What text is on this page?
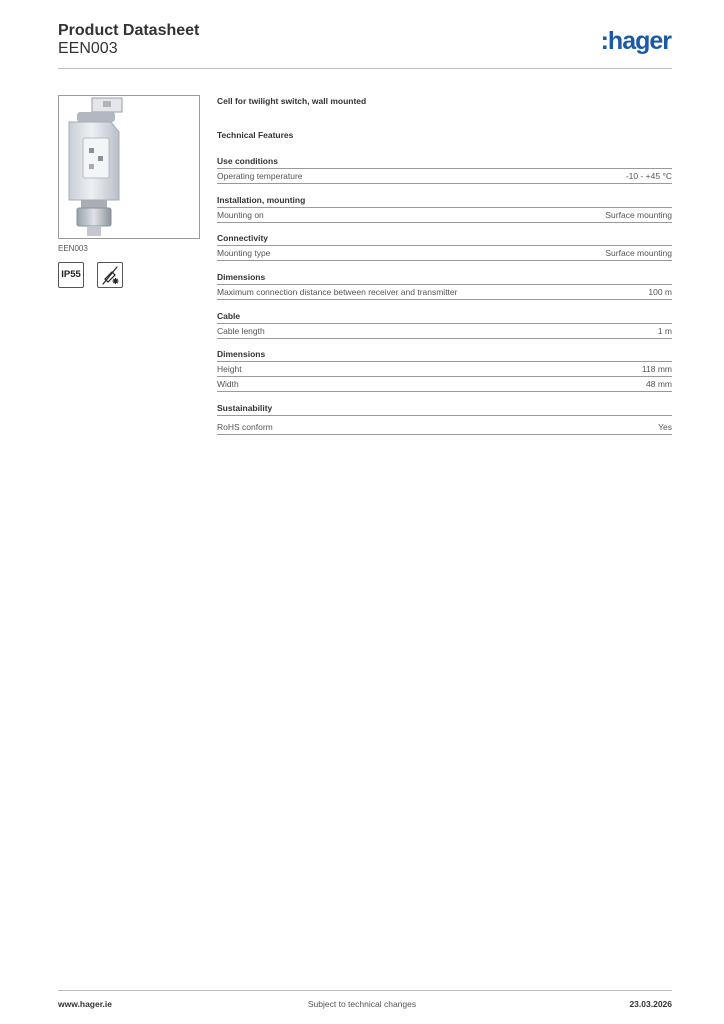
Product Datasheet
EEN003	:hager
EEN003
IP55
Cell for twilight switch, wall mounted
Technical Features
Use conditions
Operating temperature	-10 - +45 °C
Installation, mounting
Mounting on	Surface mounting
Connectivity
Mounting type	Surface mounting
Dimensions
Maximum connection distance between receiver and transmitter	100 m
Cable
Cable length	1 m
Dimensions
Height	118 mm
Width	48 mm
Sustainability
RoHS conform	Yes
www.hager.ie	Subject to technical changes	23.03.2026
